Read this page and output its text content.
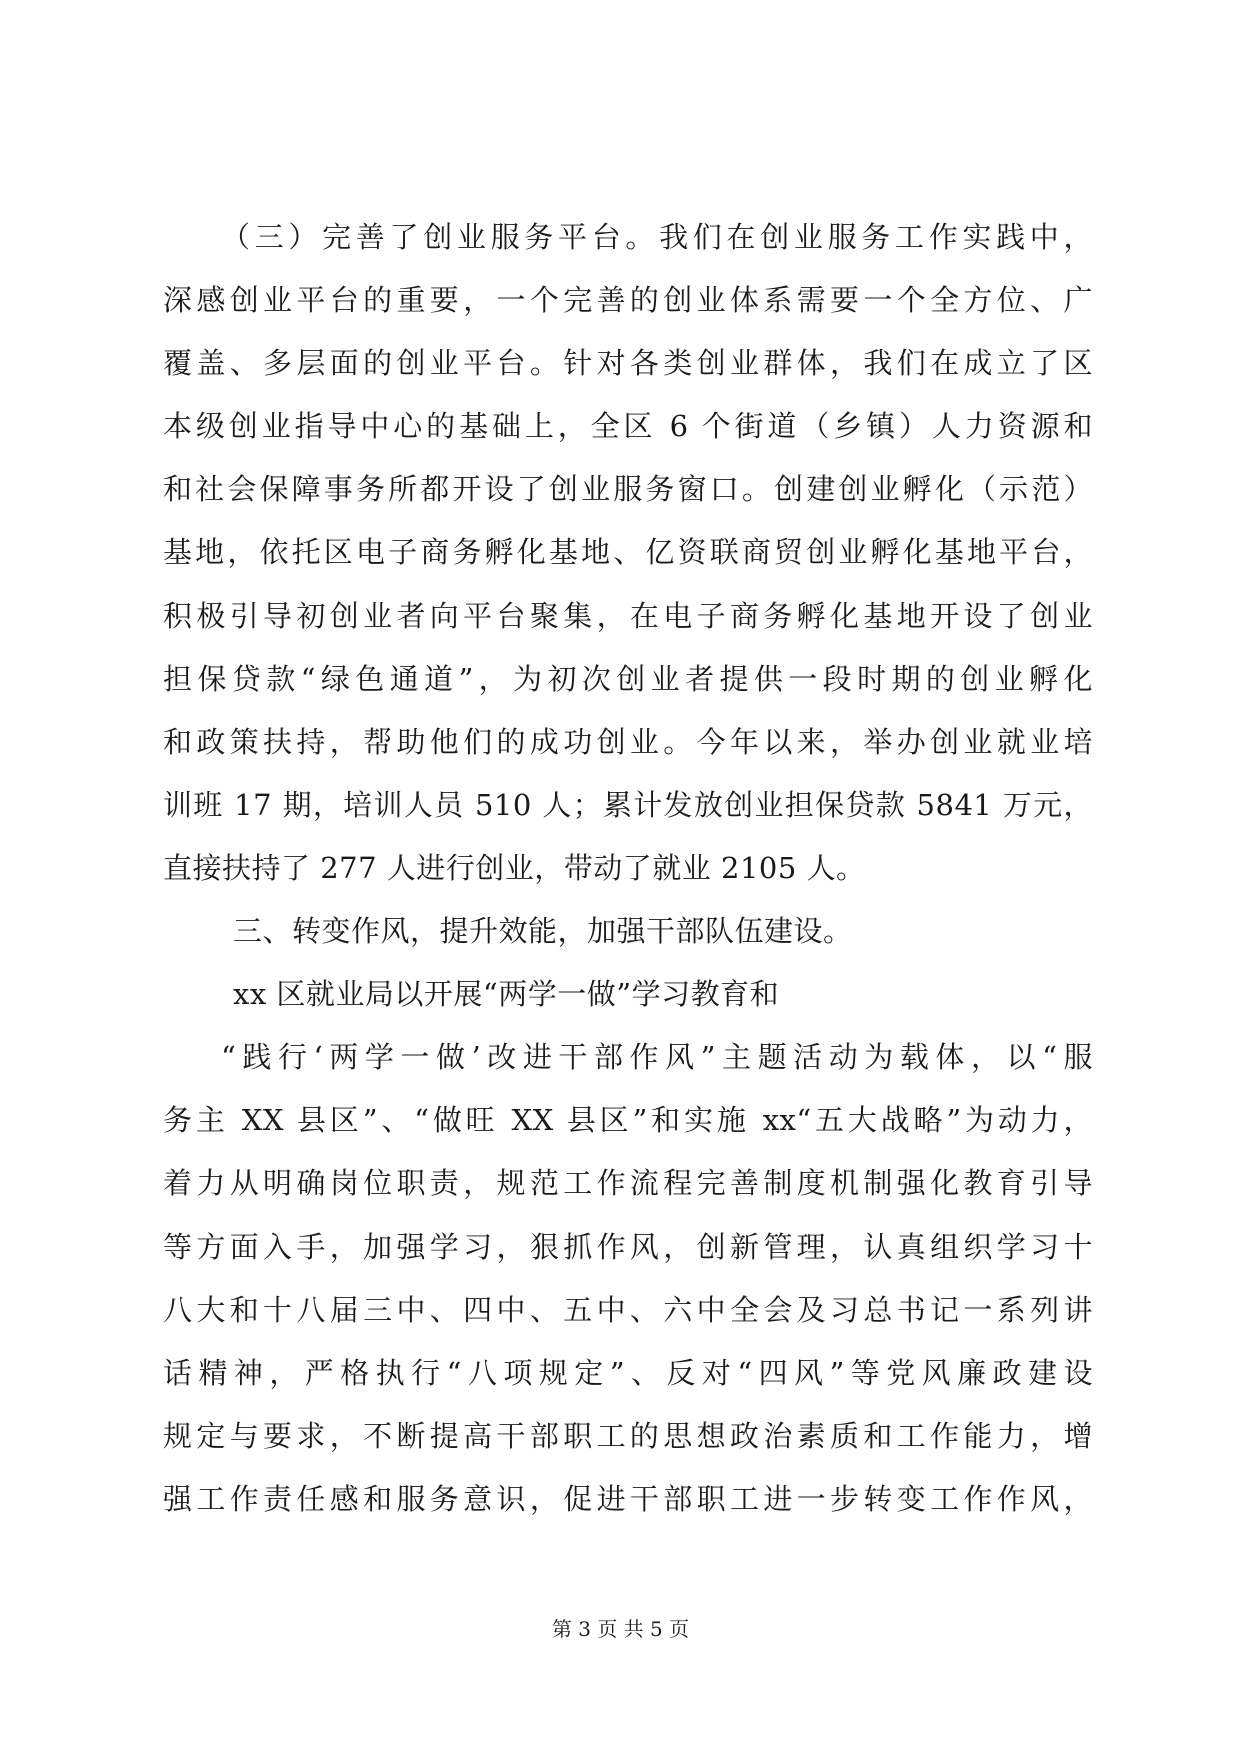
（三）完善了创业服务平台。我们在创业服务工作实践中，
深感创业平台的重要，一个完善的创业体系需要一个全方位、广
覆盖、多层面的创业平台。针对各类创业群体，我们在成立了区
本级创业指导中心的基础上，全区 6 个街道（乡镇）人力资源和
和社会保障事务所都开设了创业服务窗口。创建创业孵化（示范）
基地，依托区电子商务孵化基地、亿资联商贸创业孵化基地平台，
积极引导初创业者向平台聚集，在电子商务孵化基地开设了创业
担保贷款“绿色通道”，为初次创业者提供一段时期的创业孵化
和政策扶持，帮助他们的成功创业。今年以来，举办创业就业培
训班 17 期，培训人员 510 人；累计发放创业担保贷款 5841 万元，
直接扶持了 277 人进行创业，带动了就业 2105 人。
三、转变作风，提升效能，加强干部队伍建设。
xx 区就业局以开展“两学一做”学习教育和
“践行‘两学一做’改进干部作风”主题活动为载体，以“服
务主 XX 县区”、“做旺 XX 县区”和实施 xx“五大战略”为动力，
着力从明确岗位职责，规范工作流程完善制度机制强化教育引导
等方面入手，加强学习，狠抓作风，创新管理，认真组织学习十
八大和十八届三中、四中、五中、六中全会及习总书记一系列讲
话精神，严格执行“八项规定”、反对“四风”等党风廉政建设
规定与要求，不断提高干部职工的思想政治素质和工作能力，增
强工作责任感和服务意识，促进干部职工进一步转变工作作风，
第 3 页 共 5 页
